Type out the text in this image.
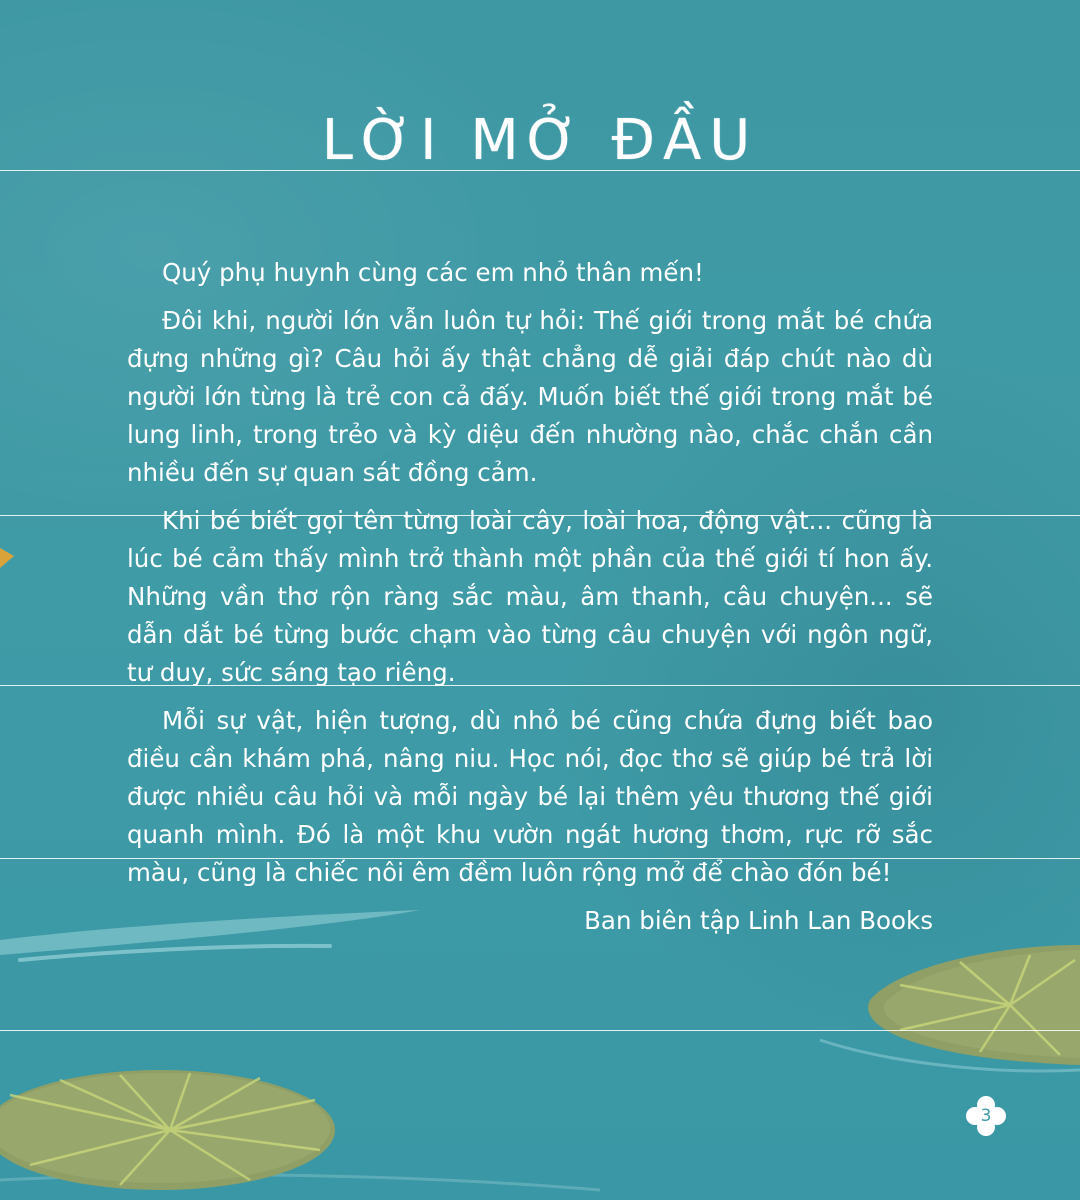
LỜI MỞ ĐẦU

Quý phụ huynh cùng các em nhỏ thân mến!

Đôi khi, người lớn vẫn luôn tự hỏi: Thế giới trong mắt bé chứa đựng những gì? Câu hỏi ấy thật chẳng dễ giải đáp chút nào dù người lớn từng là trẻ con cả đấy. Muốn biết thế giới trong mắt bé lung linh, trong trẻo và kỳ diệu đến nhường nào, chắc chắn cần nhiều đến sự quan sát đồng cảm.

Khi bé biết gọi tên từng loài cây, loài hoa, động vật... cũng là lúc bé cảm thấy mình trở thành một phần của thế giới tí hon ấy. Những vần thơ rộn ràng sắc màu, âm thanh, câu chuyện... sẽ dẫn dắt bé từng bước chạm vào từng câu chuyện với ngôn ngữ, tư duy, sức sáng tạo riêng.

Mỗi sự vật, hiện tượng, dù nhỏ bé cũng chứa đựng biết bao điều cần khám phá, nâng niu. Học nói, đọc thơ sẽ giúp bé trả lời được nhiều câu hỏi và mỗi ngày bé lại thêm yêu thương thế giới quanh mình. Đó là một khu vườn ngát hương thơm, rực rỡ sắc màu, cũng là chiếc nôi êm đềm luôn rộng mở để chào đón bé!

Ban biên tập Linh Lan Books

3
